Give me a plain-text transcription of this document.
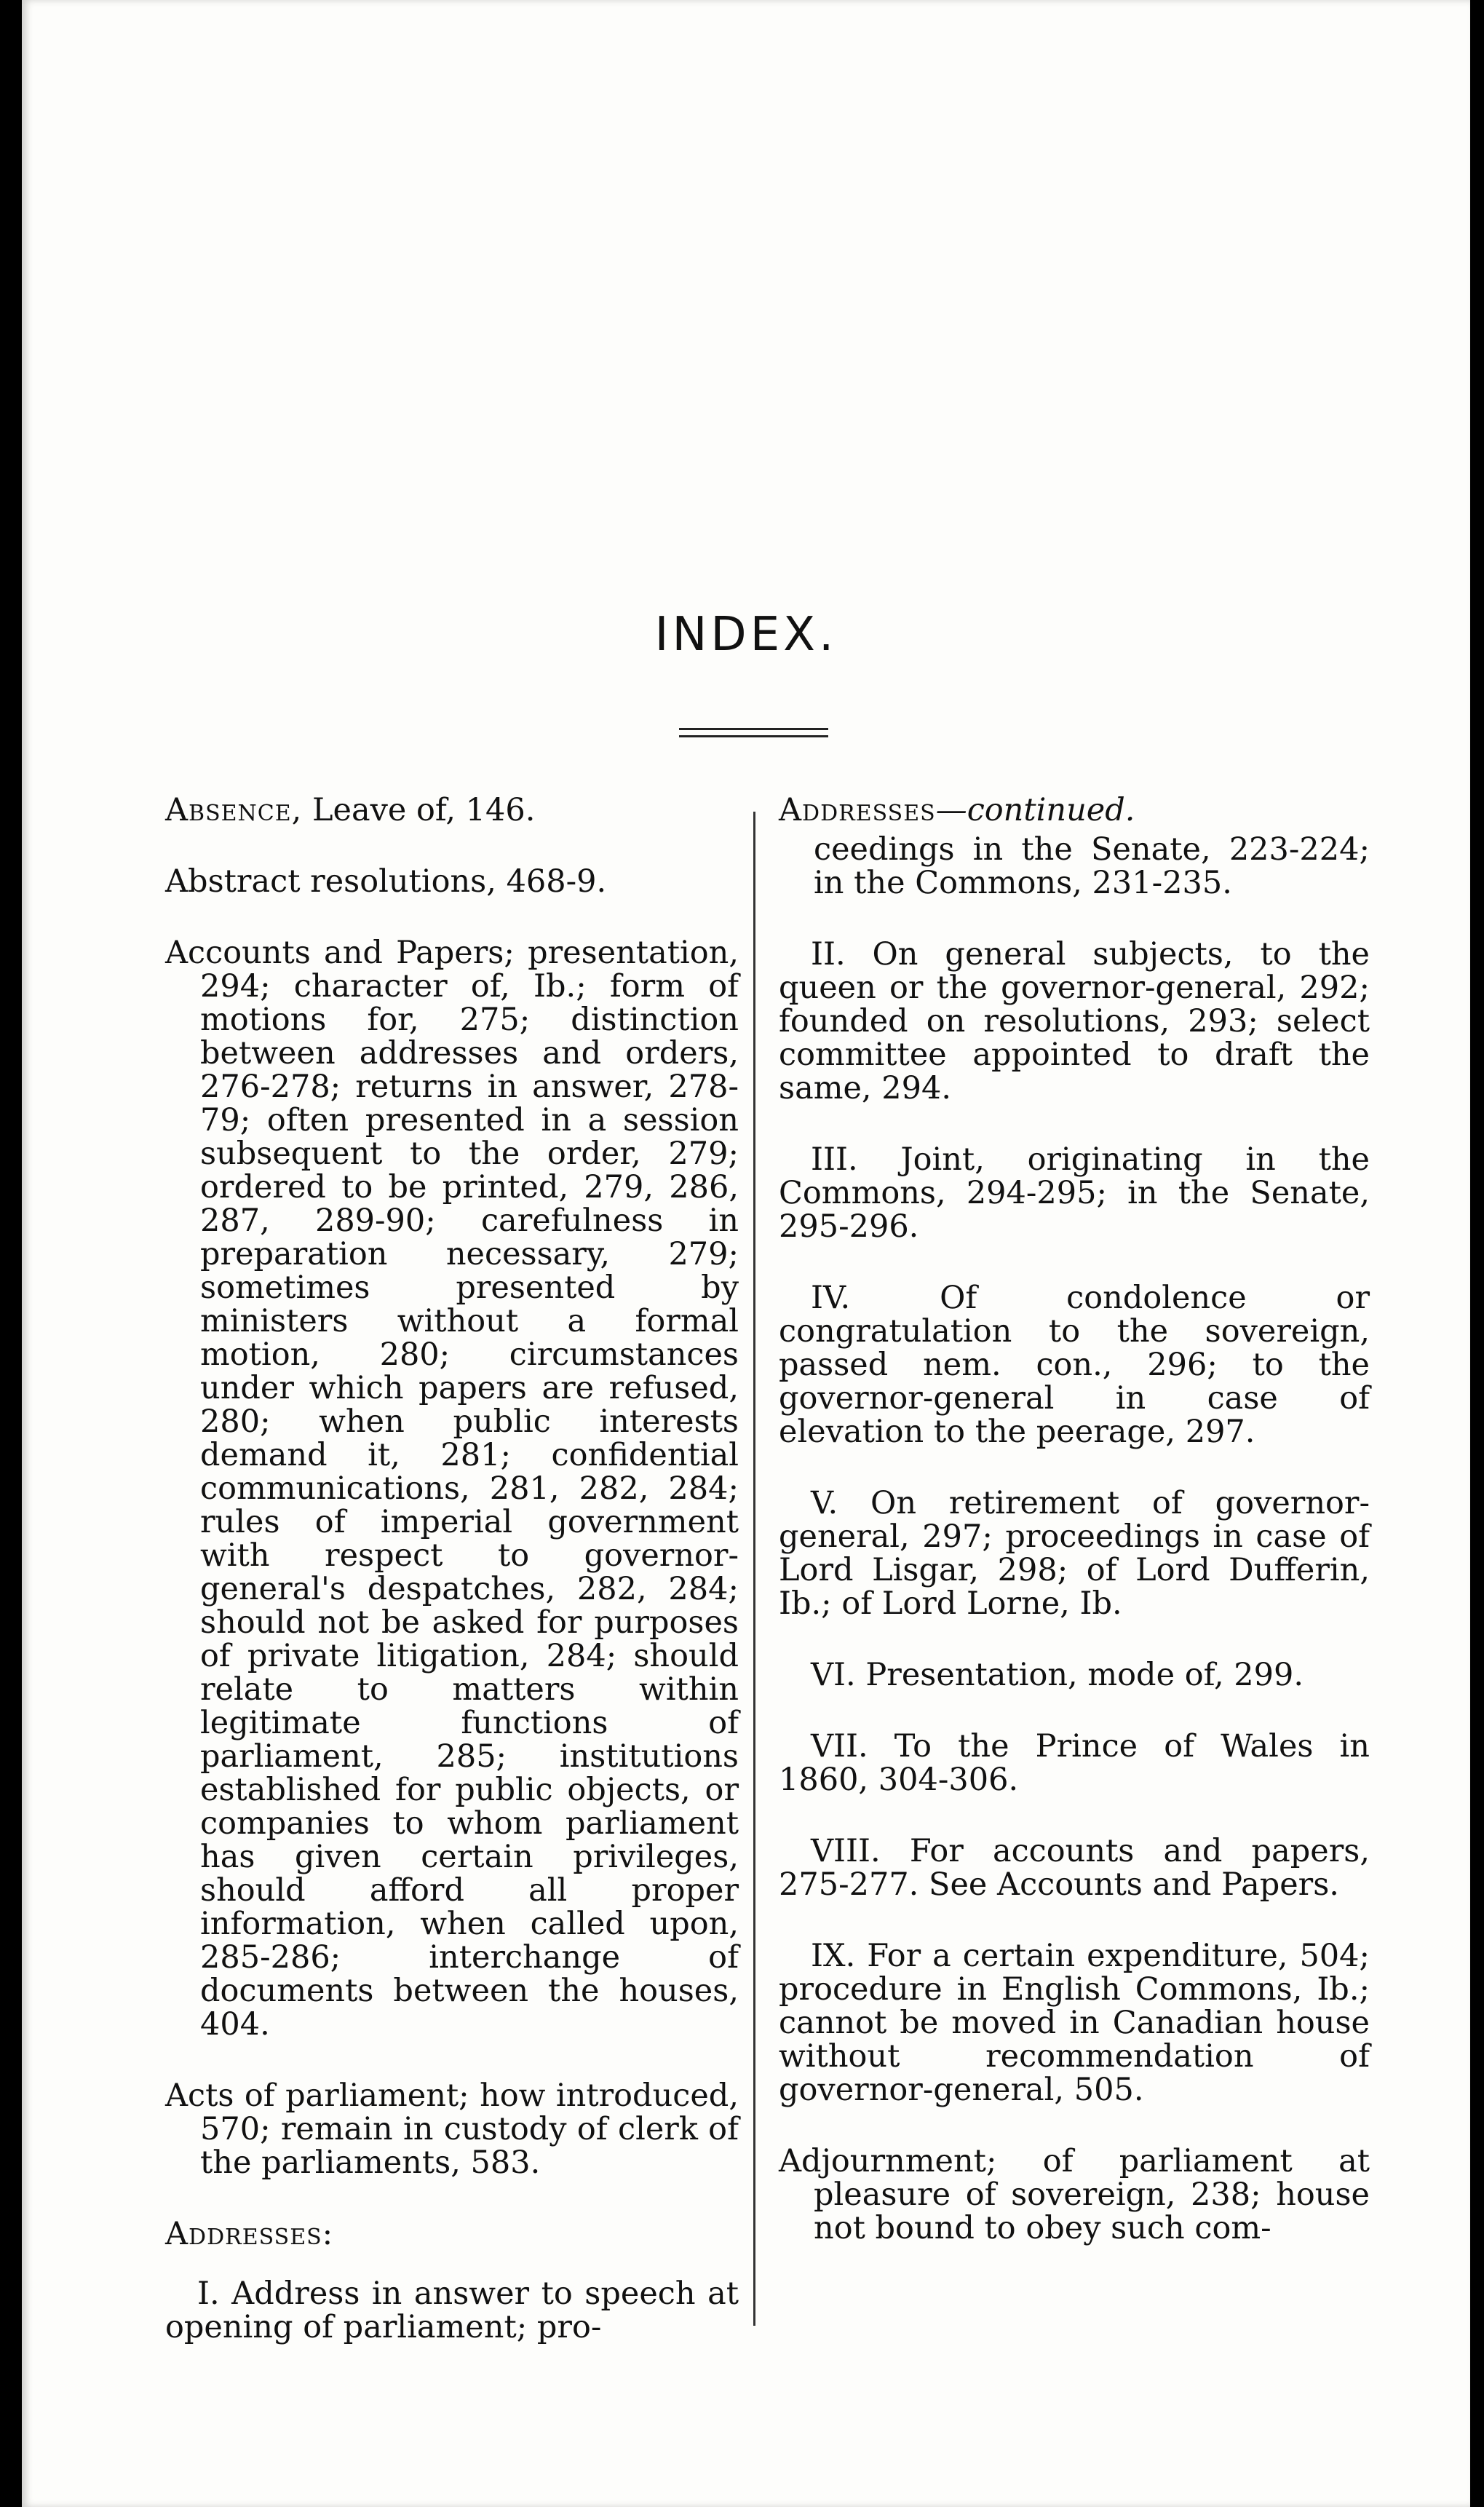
INDEX.

Absence, Leave of, 146.

Abstract resolutions, 468-9.

Accounts and Papers; presentation, 294; character of, Ib.; form of motions for, 275; distinction between addresses and orders, 276-278; returns in answer, 278-79; often presented in a session subsequent to the order, 279; ordered to be printed, 279, 286, 287, 289-90; carefulness in preparation necessary, 279; sometimes presented by ministers without a formal motion, 280; circumstances under which papers are refused, 280; when public interests demand it, 281; confidential communications, 281, 282, 284; rules of imperial government with respect to governor-general's despatches, 282, 284; should not be asked for purposes of private litigation, 284; should relate to matters within legitimate functions of parliament, 285; institutions established for public objects, or companies to whom parliament has given certain privileges, should afford all proper information, when called upon, 285-286; interchange of documents between the houses, 404.

Acts of parliament; how introduced, 570; remain in custody of clerk of the parliaments, 583.

Addresses:

I. Address in answer to speech at opening of parliament; pro-

Addresses—continued.

ceedings in the Senate, 223-224; in the Commons, 231-235.

II. On general subjects, to the queen or the governor-general, 292; founded on resolutions, 293; select committee appointed to draft the same, 294.

III. Joint, originating in the Commons, 294-295; in the Senate, 295-296.

IV. Of condolence or congratulation to the sovereign, passed nem. con., 296; to the governor-general in case of elevation to the peerage, 297.

V. On retirement of governor-general, 297; proceedings in case of Lord Lisgar, 298; of Lord Dufferin, Ib.; of Lord Lorne, Ib.

VI. Presentation, mode of, 299.

VII. To the Prince of Wales in 1860, 304-306.

VIII. For accounts and papers, 275-277. See Accounts and Papers.

IX. For a certain expenditure, 504; procedure in English Commons, Ib.; cannot be moved in Canadian house without recommendation of governor-general, 505.

Adjournment; of parliament at pleasure of sovereign, 238; house not bound to obey such com-
